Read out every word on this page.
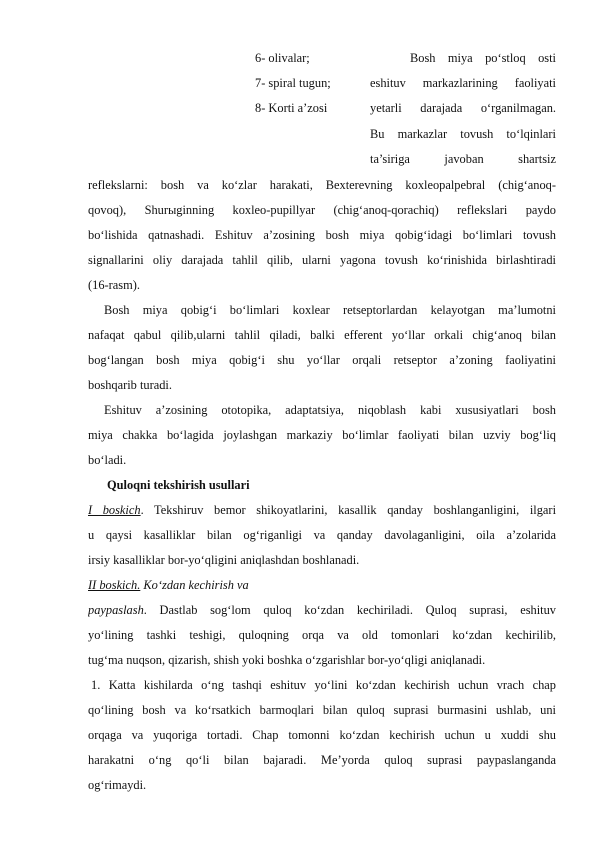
6- olivalar;
7- spiral tugun;
8- Korti a’zosi
Bosh miya po‘stloq osti
eshituv markazlarining faoliyati
yetarli darajada o‘rganilmagan.
Bu markazlar tovush to‘lqinlari
ta’siriga javoban shartsiz
reflekslarni: bosh va ko‘zlar harakati, Bexterevning koxleopalpebral (chig‘anoq-
qovoq), Shurыginning koxleo-pupillyar (chig‘anoq-qorachiq) reflekslari paydo
bo‘lishida qatnashadi. Eshituv a’zosining bosh miya qobig‘idagi bo‘limlari tovush
signallarini oliy darajada tahlil qilib, ularni yagona tovush ko‘rinishida birlashtiradi
(16-rasm).
Bosh miya qobig‘i bo‘limlari koxlear retseptorlardan kelayotgan ma’lumotni
nafaqat qabul qilib,ularni tahlil qiladi, balki efferent yo‘llar orkali chig‘anoq bilan
bog‘langan bosh miya qobig‘i shu yo‘llar orqali retseptor a’zoning faoliyatini
boshqarib turadi.
Eshituv a’zosining ototopika, adaptatsiya, niqoblash kabi xususiyatlari bosh
miya chakka bo‘lagida joylashgan markaziy bo‘limlar faoliyati bilan uzviy bog‘liq
bo‘ladi.
Quloqni tekshirish usullari
I boskich. Tekshiruv bemor shikoyatlarini, kasallik qanday boshlanganligini, ilgari
u qaysi kasalliklar bilan og‘riganligi va qanday davolaganligini, oila a’zolarida
irsiy kasalliklar bor-yo‘qligini aniqlashdan boshlanadi.
II boskich. Ko‘zdan kechirish va
paypaslash. Dastlab sog‘lom quloq ko‘zdan kechiriladi. Quloq suprasi, eshituv
yo‘lining tashki teshigi, quloqning orqa va old tomonlari ko‘zdan kechirilib,
tug‘ma nuqson, qizarish, shish yoki boshka o‘zgarishlar bor-yo‘qligi aniqlanadi.
1. Katta kishilarda o‘ng tashqi eshituv yo‘lini ko‘zdan kechirish uchun vrach chap
qo‘lining bosh va ko‘rsatkich barmoqlari bilan quloq suprasi burmasini ushlab, uni
orqaga va yuqoriga tortadi. Chap tomonni ko‘zdan kechirish uchun u xuddi shu
harakatni o‘ng qo‘li bilan bajaradi. Me’yorda quloq suprasi paypaslanganda
og‘rimaydi.
